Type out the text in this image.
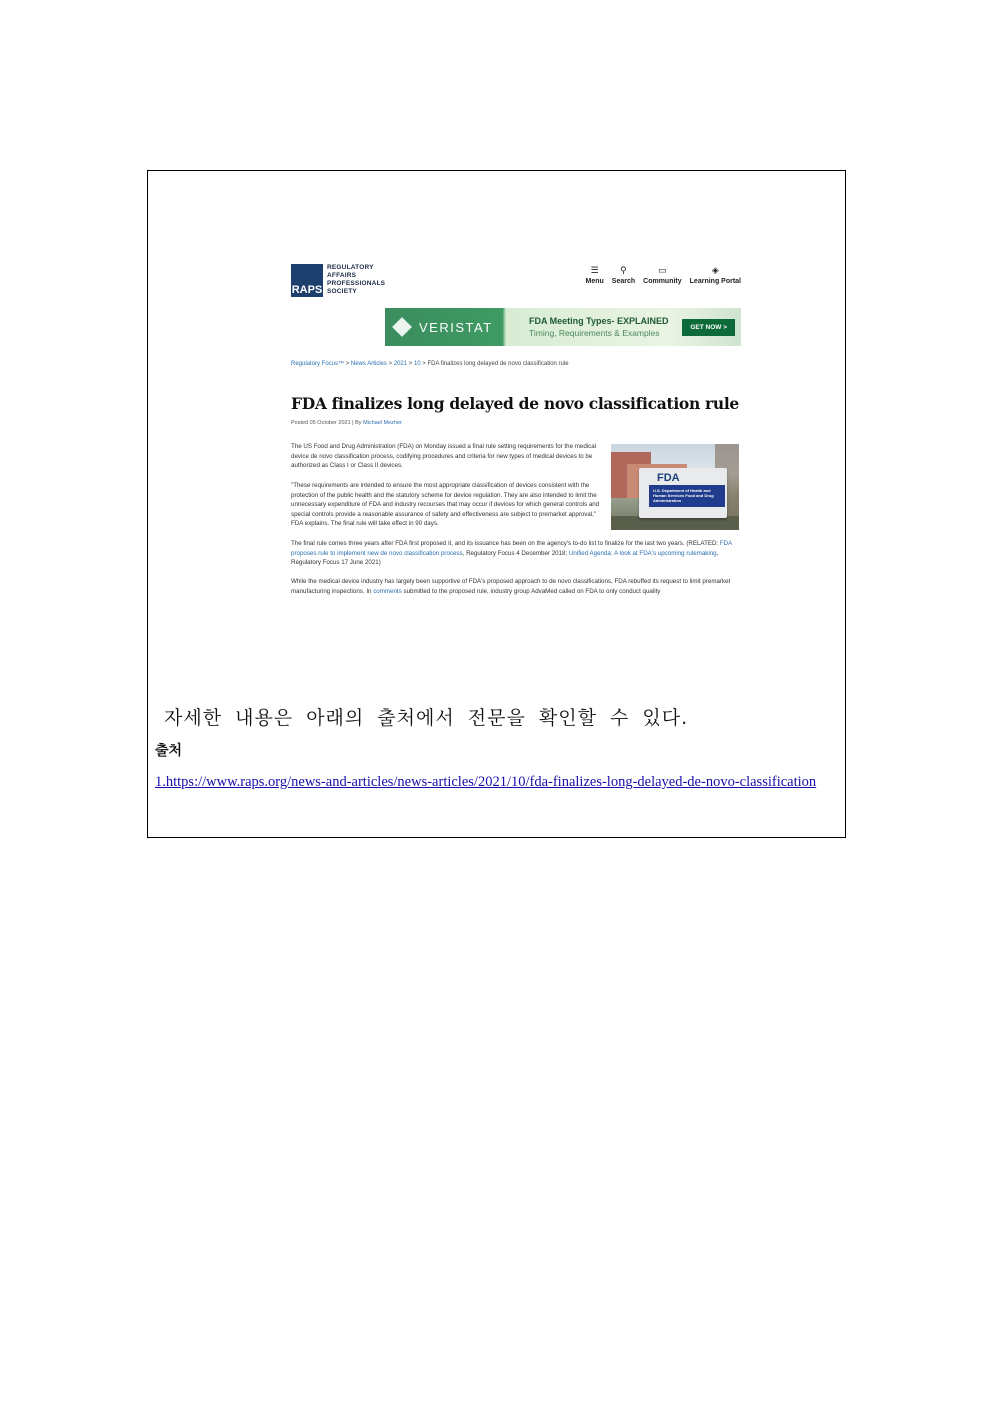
RAPS
REGULATORY
AFFAIRS
PROFESSIONALS
SOCIETY
☰
Menu
⚲
Search
▭
Community
◈
Learning Portal
VERISTAT	FDA Meeting Types- EXPLAINED
Timing, Requirements & Examples
GET NOW >
Regulatory Focus™ > News Articles > 2021 > 10 > FDA finalizes long delayed de novo classification rule
FDA finalizes long delayed de novo classification rule
Posted 05 October 2021 | By Michael Mezher
The US Food and Drug Administration (FDA) on Monday issued a final rule setting requirements for the medical device de novo classification process, codifying procedures and criteria for new types of medical devices to be authorized as Class I or Class II devices.
"These requirements are intended to ensure the most appropriate classification of devices consistent with the protection of the public health and the statutory scheme for device regulation. They are also intended to limit the unnecessary expenditure of FDA and industry recourses that may occur if devices for which general controls and special controls provide a reasonable assurance of safety and effectiveness are subject to premarket approval," FDA explains. The final rule will take effect in 90 days.
The final rule comes three years after FDA first proposed it, and its issuance has been on the agency's to-do list to finalize for the last two years. (RELATED: FDA proposes rule to implement new de novo classification process, Regulatory Focus 4 December 2018; Unified Agenda: A look at FDA's upcoming rulemaking, Regulatory Focus 17 June 2021)
While the medical device industry has largely been supportive of FDA's proposed approach to de novo classifications, FDA rebuffed its request to limit premarket manufacturing inspections. In comments submitted to the proposed rule, industry group AdvaMed called on FDA to only conduct quality
FDA
U.S. Department of Health and Human Services Food and Drug Administration
자세한 내용은 아래의 출처에서 전문을 확인할 수 있다.
출처
1.https://www.raps.org/news-and-articles/news-articles/2021/10/fda-finalizes-long-delayed-de-novo-classification
